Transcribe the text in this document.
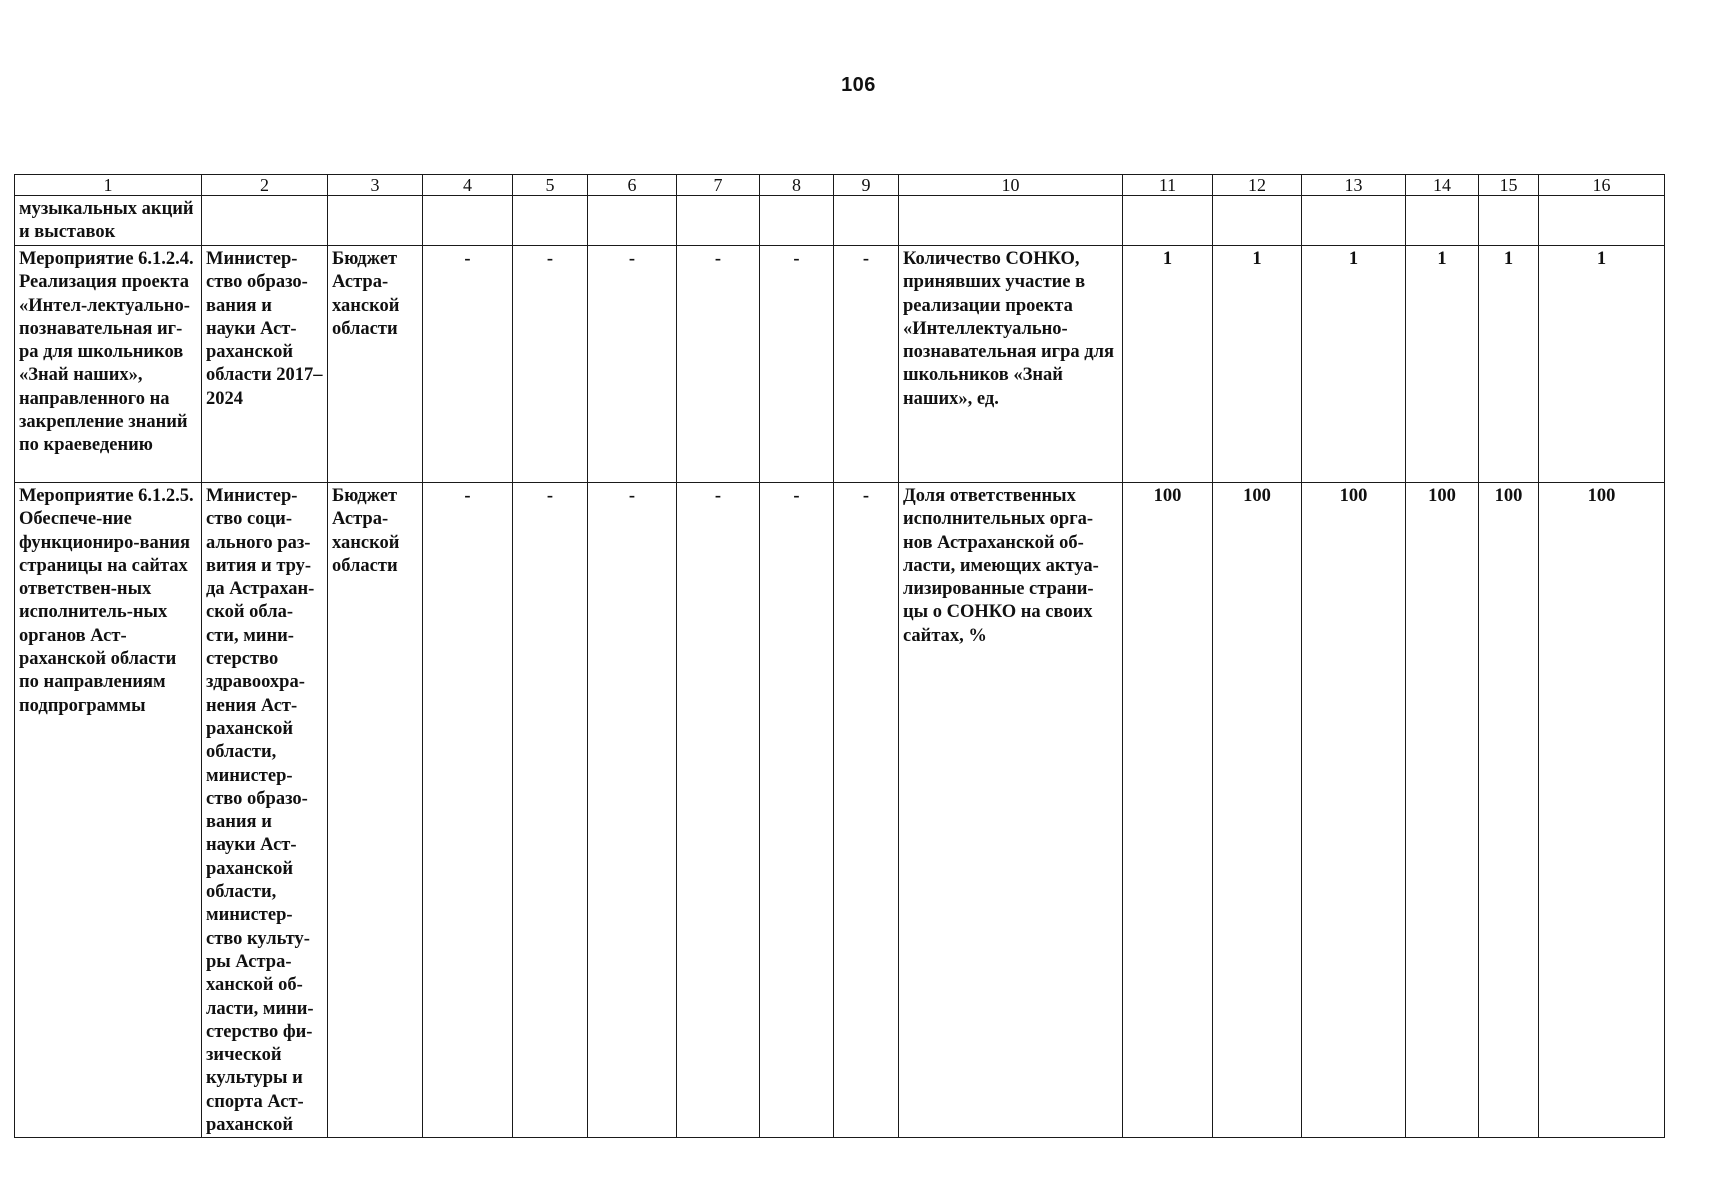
106
1	2	3	4	5	6	7	8	9	10	11	12	13	14	15	16
музыкальных акций и выставок															
Мероприятие 6.1.2.4. Реализация проекта «Интел-лектуально-познавательная иг-ра для школьников «Знай наших», направленного на закрепление знаний по краеведению	Министер-ство образо-вания и науки Аст-раханской области 2017–2024	Бюджет Астра-ханской области	-	-	-	-	-	-	Количество СОНКО, принявших участие в реализации проекта «Интеллектуально-познавательная игра для школьников «Знай наших», ед.	1	1	1	1	1	1
Мероприятие 6.1.2.5. Обеспече-ние функциониро-вания страницы на сайтах ответствен-ных исполнитель-ных органов Аст-раханской области по направлениям подпрограммы	Министер-ство соци-ального раз-вития и тру-да Астрахан-ской обла-сти, мини-стерство здравоохра-нения Аст-раханской области, министер-ство образо-вания и науки Аст-раханской области, министер-ство культу-ры Астра-ханской об-ласти, мини-стерство фи-зической культуры и спорта Аст-раханской	Бюджет Астра-ханской области	-	-	-	-	-	-	Доля ответственных исполнительных орга-нов Астраханской об-ласти, имеющих актуа-лизированные страни-цы о СОНКО на своих сайтах, %	100	100	100	100	100	100
